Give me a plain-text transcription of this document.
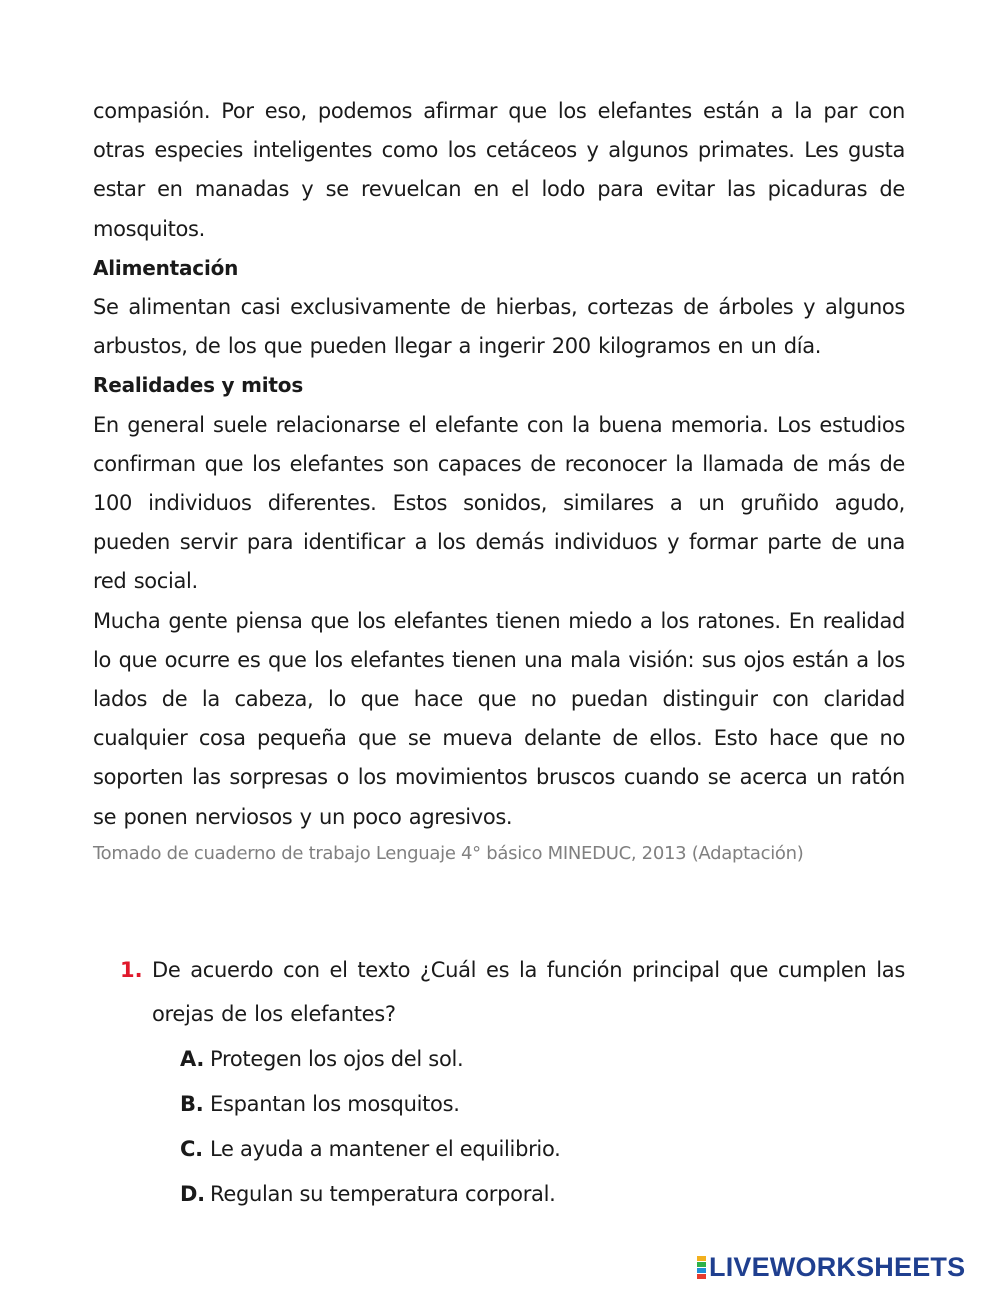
compasión. Por eso, podemos afirmar que los elefantes están a la par con otras especies inteligentes como los cetáceos y algunos primates. Les gusta estar en manadas y se revuelcan en el lodo para evitar las picaduras de mosquitos.

Alimentación

Se alimentan casi exclusivamente de hierbas, cortezas de árboles y algunos arbustos, de los que pueden llegar a ingerir 200 kilogramos en un día.

Realidades y mitos

En general suele relacionarse el elefante con la buena memoria. Los estudios confirman que los elefantes son capaces de reconocer la llamada de más de 100 individuos diferentes. Estos sonidos, similares a un gruñido agudo, pueden servir para identificar a los demás individuos y formar parte de una red social.

Mucha gente piensa que los elefantes tienen miedo a los ratones. En realidad lo que ocurre es que los elefantes tienen una mala visión: sus ojos están a los lados de la cabeza, lo que hace que no puedan distinguir con claridad cualquier cosa pequeña que se mueva delante de ellos. Esto hace que no soporten las sorpresas o los movimientos bruscos cuando se acerca un ratón se ponen nerviosos y un poco agresivos.

Tomado de cuaderno de trabajo Lenguaje 4° básico MINEDUC, 2013 (Adaptación)

1. De acuerdo con el texto ¿Cuál es la función principal que cumplen las orejas de los elefantes?
A. Protegen los ojos del sol.
B. Espantan los mosquitos.
C. Le ayuda a mantener el equilibrio.
D. Regulan su temperatura corporal.
LIVEWORKSHEETS
